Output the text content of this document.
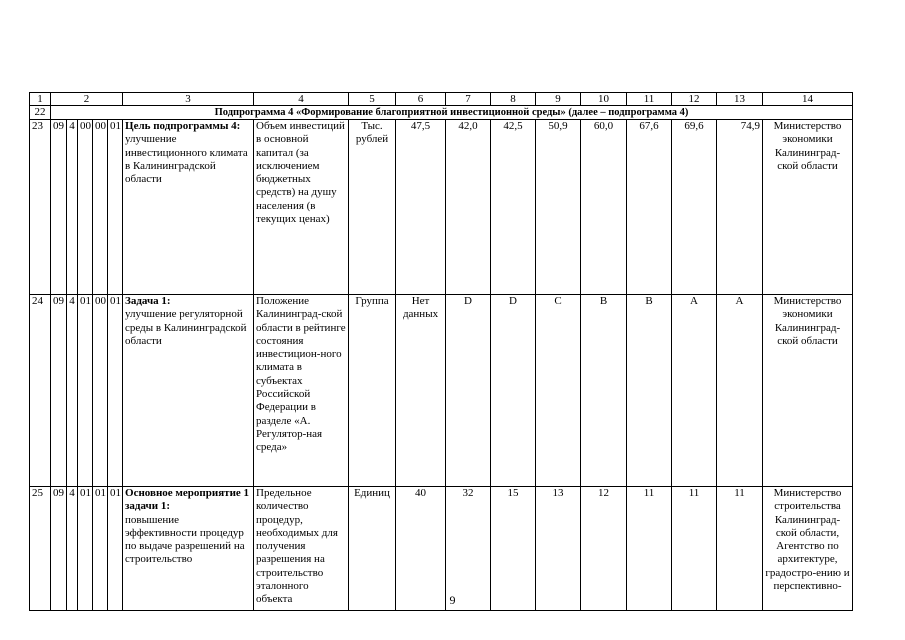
1	2					3	4	5	6	7	8	9	10	11	12	13	14
22	Подпрограмма 4 «Формирование благоприятной инвестиционной среды» (далее – подпрограмма 4)																
23	09	4	00	00	01	Цель подпрограммы 4:
улучшение инвестиционного климата в Калининградской области	Объем инвестиций в основной капитал (за исключением бюджетных средств) на душу населения (в текущих ценах)	Тыс. рублей	47,5	42,0	42,5	50,9	60,0	67,6	69,6	74,9	Министерство экономики Калининград-ской области
24	09	4	01	00	01	Задача 1:
улучшение регуляторной среды в Калининградской области	Положение Калининград-ской области в рейтинге состояния инвестицион-ного климата в субъектах Российской Федерации в разделе «А. Регулятор-ная среда»	Группа	Нет данных	D	D	C	B	B	A	A	Министерство экономики Калининград-ской области
25	09	4	01	01	01	Основное мероприятие 1 задачи 1:
повышение эффективности процедур по выдаче разрешений на строительство	Предельное количество процедур, необходимых для получения разрешения на строительство эталонного объекта	Единиц	40	32	15	13	12	11	11	11	Министерство строительства Калининград-ской области, Агентство по архитектуре, градостро-ению и перспективно-
9
